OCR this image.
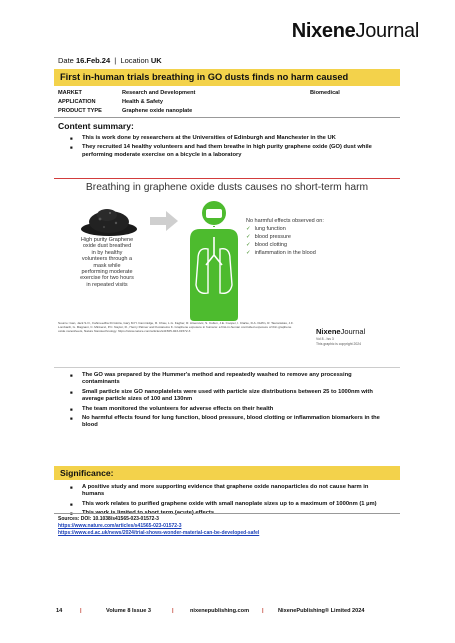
NixeneJournal
Date 16.Feb.24  |  Location UK
First in-human trials breathing in GO dusts finds no harm caused
MARKET	Research and Development	Biomedical
APPLICATION	Health & Safety
PRODUCT TYPE	Graphene oxide nanoplate
Content summary:
■ This is work done by researchers at the Universities of Edinburgh and Manchester in the UK
■ They recruited 14 healthy volunteers and had them breathe in high purity graphene oxide (GO) dust while performing moderate exercise on a bicycle in a laboratory
Breathing in graphene oxide dusts causes no short-term harm
High purity Graphene oxide dust breathed in by healthy volunteers through a mask while performing moderate exercise for two hours in repeated visits
No harmful effects observed on:
✓ lung function
✓ blood pressure
✓ blood clotting
✓ inflammation in the blood
Source: Gan, Jack S.O., Fahmeedha Di Gloria, Gary M.H. Cammidge, R. Chau, L.G. Fagher, R. Arsenovic, S. Cullen, J.E. Cooper, I. Clarke, D.A. Duffin, R. Tauranskas, J.F. Lombardi, G. Magnani, C. Minkerel, P.C. Naylor, R., Henry Palmer and Kostarelos K. Graphene exposure in humans: a first-in-human controlled exposure of thin graphene oxide nanosheets, Nature Nanotechnology. https://www.nature.com/articles/s41565-023-01572-3	NixeneJournal
Vol 8 - Iss 3
This graphic is copyright 2024
■ The GO was prepared by the Hummer's method and repeatedly washed to remove any processing contaminants
■ Small particle size GO nanoplatelets were used with particle size distributions between 25 to 1000nm with average particle sizes of 100 and 130nm
■ The team monitored the volunteers for adverse effects on their health
■ No harmful effects found for lung function, blood pressure, blood clotting or inflammation biomarkers in the blood
Significance:
■ A positive study and more supporting evidence that graphene oxide nanoparticles do not cause harm in humans
■ This work relates to purified graphene oxide with small nanoplate sizes up to a maximum of 1000nm (1 µm)
■
Sources: DOI: 10.1038/s41565-023-01572-3
https://www.nature.com/articles/s41565-023-01572-3
https://www.ed.ac.uk/news/2024/trial-shows-wonder-material-can-be-developed-safel
14	|	Volume 8 Issue 3	|	nixenepublishing.com |	NixenePublishing® Limited 2024
